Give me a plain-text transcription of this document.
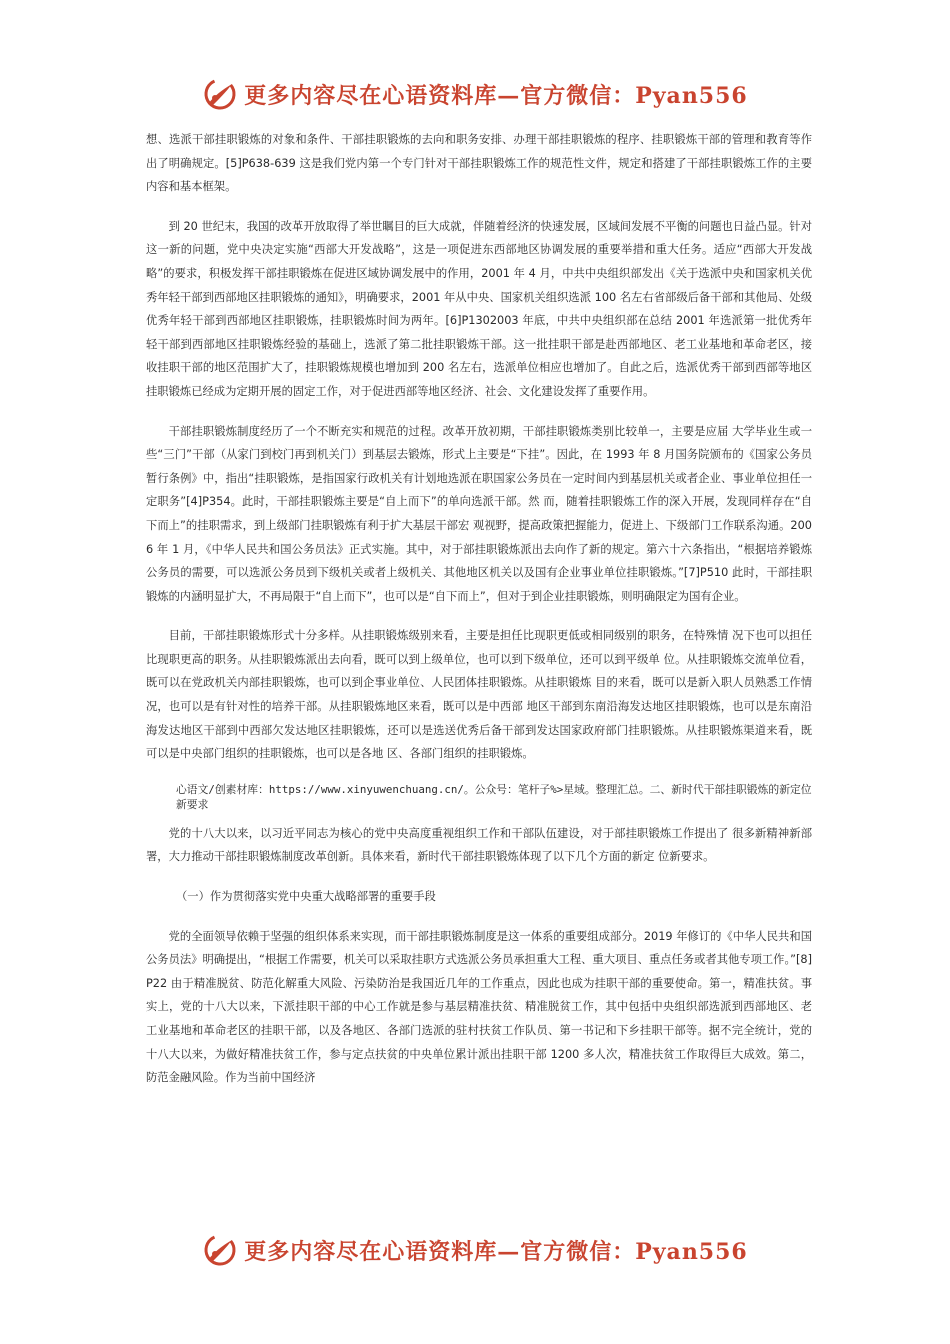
更多内容尽在心语资料库—官方微信：Pyan556

想、选派干部挂职锻炼的对象和条件、干部挂职锻炼的去向和职务安排、办理干部挂职锻炼的程序、挂职锻炼干部的管理和教育等作出了明确规定。[5]P638-639 这是我们党内第一个专门针对干部挂职锻炼工作的规范性文件，规定和搭建了干部挂职锻炼工作的主要内容和基本框架。

到 20 世纪末，我国的改革开放取得了举世瞩目的巨大成就，伴随着经济的快速发展，区域间发展不平衡的问题也日益凸显。针对这一新的问题，党中央决定实施“西部大开发战略”，这是一项促进东西部地区协调发展的重要举措和重大任务。适应“西部大开发战略”的要求，积极发挥干部挂职锻炼在促进区域协调发展中的作用，2001 年 4 月，中共中央组织部发出《关于选派中央和国家机关优秀年轻干部到西部地区挂职锻炼的通知》，明确要求，2001 年从中央、国家机关组织选派 100 名左右省部级后备干部和其他局、处级优秀年轻干部到西部地区挂职锻炼，挂职锻炼时间为两年。[6]P1302003 年底，中共中央组织部在总结 2001 年选派第一批优秀年轻干部到西部地区挂职锻炼经验的基础上，选派了第二批挂职锻炼干部。这一批挂职干部是赴西部地区、老工业基地和革命老区，接收挂职干部的地区范围扩大了，挂职锻炼规模也增加到 200 名左右，选派单位相应也增加了。自此之后，选派优秀干部到西部等地区挂职锻炼已经成为定期开展的固定工作，对于促进西部等地区经济、社会、文化建设发挥了重要作用。

干部挂职锻炼制度经历了一个不断充实和规范的过程。改革开放初期，干部挂职锻炼类别比较单一，主要是应届 大学毕业生或一些“三门”干部（从家门到校门再到机关门）到基层去锻炼，形式上主要是“下挂”。因此，在 1993 年 8 月国务院颁布的《国家公务员暂行条例》中，指出“挂职锻炼，是指国家行政机关有计划地选派在职国家公务员在一定时间内到基层机关或者企业、事业单位担任一定职务”[4]P354。此时，干部挂职锻炼主要是“自上而下”的单向选派干部。然 而，随着挂职锻炼工作的深入开展，发现同样存在“自下而上”的挂职需求，到上级部门挂职锻炼有利于扩大基层干部宏 观视野，提高政策把握能力，促进上、下级部门工作联系沟通。2006 年 1 月，《中华人民共和国公务员法》正式实施。其中，对于部挂职锻炼派出去向作了新的规定。第六十六条指出，“根据培养锻炼公务员的需要，可以选派公务员到下级机关或者上级机关、其他地区机关以及国有企业事业单位挂职锻炼。”[7]P510 此时，干部挂职锻炼的内涵明显扩大，不再局限于“自上而下”，也可以是“自下而上”，但对于到企业挂职锻炼，则明确限定为国有企业。

目前，干部挂职锻炼形式十分多样。从挂职锻炼级别来看，主要是担任比现职更低或相同级别的职务，在特殊情 况下也可以担任比现职更高的职务。从挂职锻炼派出去向看，既可以到上级单位，也可以到下级单位，还可以到平级单 位。从挂职锻炼交流单位看，既可以在党政机关内部挂职锻炼，也可以到企事业单位、人民团体挂职锻炼。从挂职锻炼 目的来看，既可以是新入职人员熟悉工作情况，也可以是有针对性的培养干部。从挂职锻炼地区来看，既可以是中西部 地区干部到东南沿海发达地区挂职锻炼，也可以是东南沿海发达地区干部到中西部欠发达地区挂职锻炼，还可以是选送优秀后备干部到发达国家政府部门挂职锻炼。从挂职锻炼渠道来看，既可以是中央部门组织的挂职锻炼，也可以是各地 区、各部门组织的挂职锻炼。

心语文/创素材库：https://www.xinyuwenchuang.cn/。公众号：笔杆子%>星域。整理汇总。二、新时代干部挂职锻炼的新定位新要求

党的十八大以来，以习近平同志为核心的党中央高度重视组织工作和干部队伍建设，对于部挂职锻炼工作提出了 很多新精神新部署，大力推动干部挂职锻炼制度改革创新。具体来看，新时代干部挂职锻炼体现了以下几个方面的新定 位新要求。

（一）作为贯彻落实党中央重大战略部署的重要手段

党的全面领导依赖于坚强的组织体系来实现，而干部挂职锻炼制度是这一体系的重要组成部分。2019 年修订的《中华人民共和国公务员法》明确提出，“根据工作需要，机关可以采取挂职方式选派公务员承担重大工程、重大项目、重点任务或者其他专项工作。”[8]P22 由于精准脱贫、防范化解重大风险、污染防治是我国近几年的工作重点，因此也成为挂职干部的重要使命。第一，精准扶贫。事实上，党的十八大以来，下派挂职干部的中心工作就是参与基层精准扶贫、精准脱贫工作，其中包括中央组织部选派到西部地区、老工业基地和革命老区的挂职干部，以及各地区、各部门选派的驻村扶贫工作队员、第一书记和下乡挂职干部等。据不完全统计，党的十八大以来，为做好精准扶贫工作，参与定点扶贫的中央单位累计派出挂职干部 1200 多人次，精准扶贫工作取得巨大成效。第二，防范金融风险。作为当前中国经济

更多内容尽在心语资料库—官方微信：Pyan556
